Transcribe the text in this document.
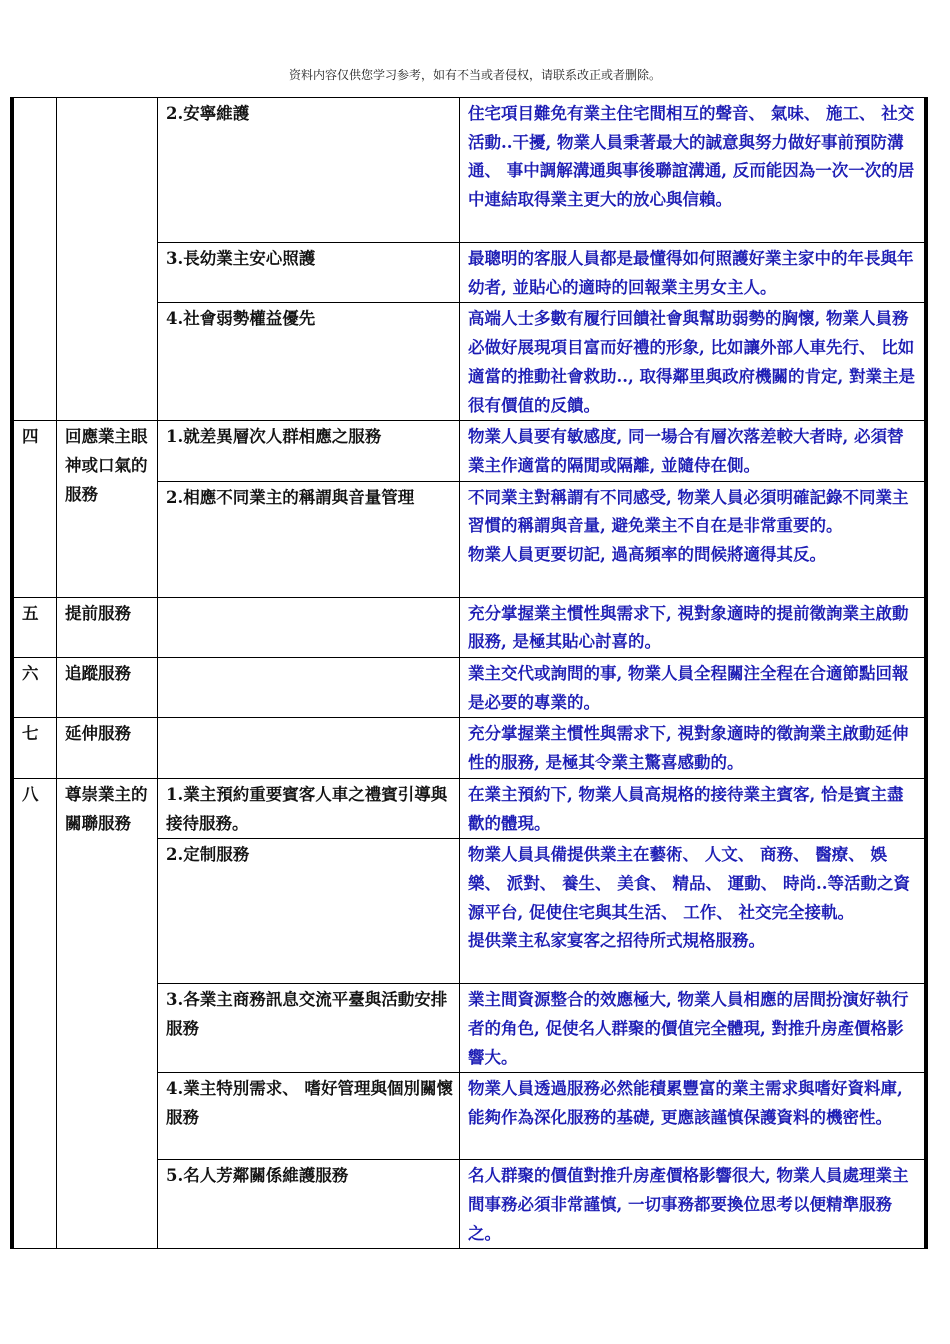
资料内容仅供您学习参考，如有不当或者侵权，请联系改正或者删除。
		2.安寧維護	住宅項目難免有業主住宅間相互的聲音、 氣味、 施工、 社交活動..干擾, 物業人員秉著最大的誠意與努力做好事前預防溝通、 事中調解溝通與事後聯誼溝通, 反而能因為一次一次的居中連結取得業主更大的放心與信賴。

		3.長幼業主安心照護	最聰明的客服人員都是最懂得如何照護好業主家中的年長與年幼者, 並貼心的適時的回報業主男女主人。

		4.社會弱勢權益優先	高端人士多數有履行回饋社會與幫助弱勢的胸懷, 物業人員務必做好展現項目富而好禮的形象, 比如讓外部人車先行、 比如適當的推動社會救助.., 取得鄰里與政府機關的肯定, 對業主是很有價值的反饋。

四	回應業主眼神或口氣的服務	1.就差異層次人群相應之服務	物業人員要有敏感度, 同一場合有層次落差較大者時, 必須替業主作適當的隔閒或隔離, 並隨侍在側。

		2.相應不同業主的稱謂與音量管理	不同業主對稱謂有不同感受, 物業人員必須明確記錄不同業主習慣的稱謂與音量, 避免業主不自在是非常重要的。
物業人員更要切記, 過高頻率的問候將適得其反。

五	提前服務		充分掌握業主慣性與需求下, 視對象適時的提前徵詢業主啟動服務, 是極其貼心討喜的。

六	追蹤服務		業主交代或詢問的事, 物業人員全程關注全程在合適節點回報是必要的專業的。

七	延伸服務		充分掌握業主慣性與需求下, 視對象適時的徵詢業主啟動延伸性的服務, 是極其令業主驚喜感動的。

八	尊崇業主的關聯服務	1.業主預約重要賓客人車之禮賓引導與接待服務。	在業主預約下, 物業人員高規格的接待業主賓客, 恰是賓主盡歡的體現。

		2.定制服務	物業人員具備提供業主在藝術、 人文、 商務、 醫療、 娛樂、 派對、 養生、 美食、 精品、 運動、 時尚..等活動之資源平台, 促使住宅與其生活、 工作、 社交完全接軌。
提供業主私家宴客之招待所式規格服務。

		3.各業主商務訊息交流平臺與活動安排服務	業主間資源整合的效應極大, 物業人員相應的居間扮演好執行者的角色, 促使名人群聚的價值完全體現, 對推升房產價格影響大。

		4.業主特別需求、 嗜好管理與個別關懷服務	物業人員透過服務必然能積累豐富的業主需求與嗜好資料庫, 能夠作為深化服務的基礎, 更應該謹慎保護資料的機密性。

		5.名人芳鄰關係維護服務	名人群聚的價值對推升房產價格影響很大, 物業人員處理業主間事務必須非常謹慎, 一切事務都要換位思考以便精準服務之。
